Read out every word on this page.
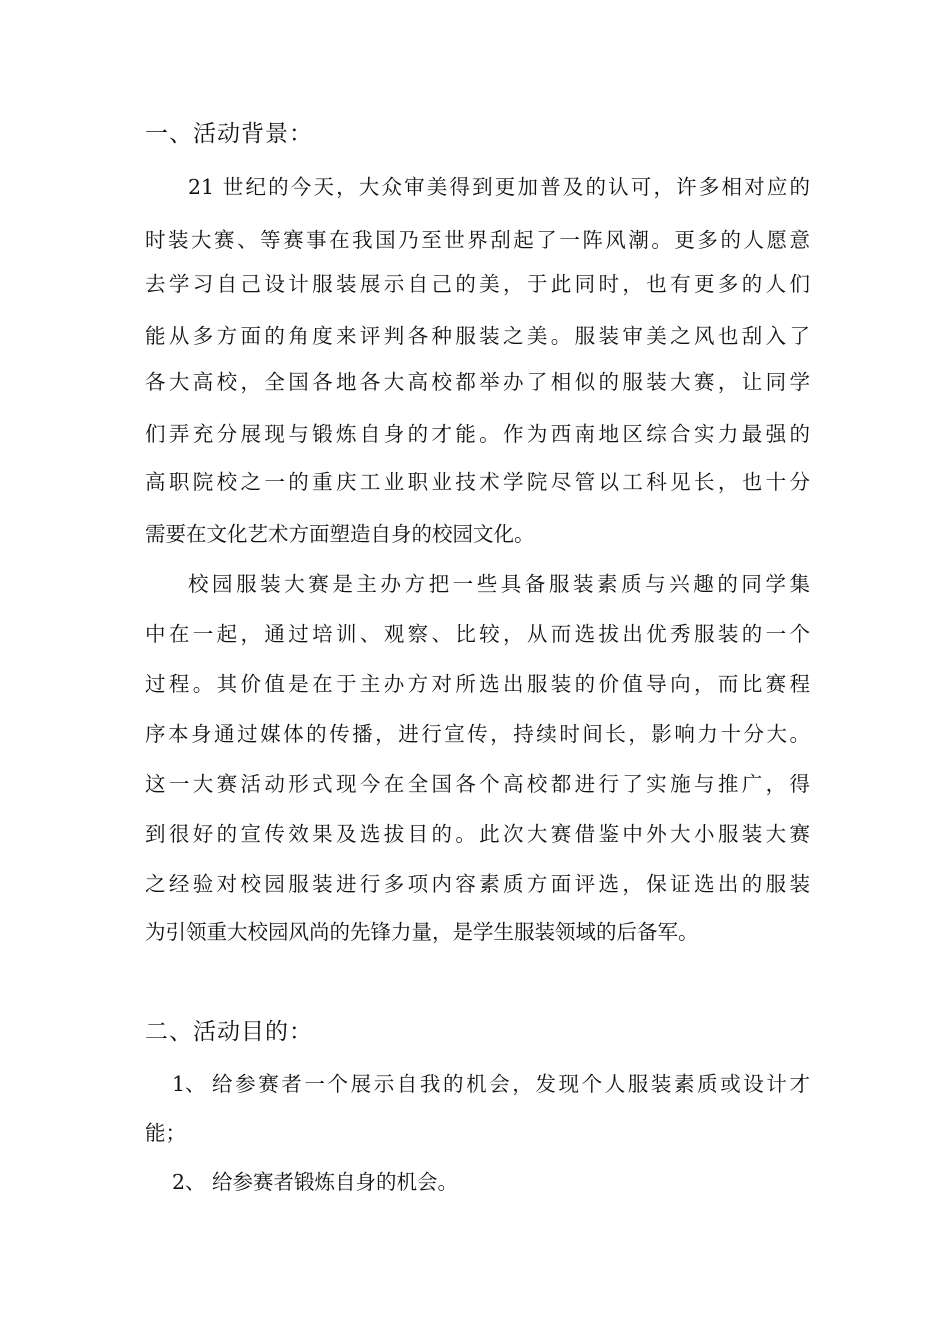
一、活动背景：

21 世纪的今天，大众审美得到更加普及的认可，许多相对应的

时装大赛、等赛事在我国乃至世界刮起了一阵风潮。更多的人愿意

去学习自己设计服装展示自己的美，于此同时，也有更多的人们

能从多方面的角度来评判各种服装之美。服装审美之风也刮入了

各大高校，全国各地各大高校都举办了相似的服装大赛，让同学

们弄充分展现与锻炼自身的才能。作为西南地区综合实力最强的

高职院校之一的重庆工业职业技术学院尽管以工科见长，也十分

需要在文化艺术方面塑造自身的校园文化。

校园服装大赛是主办方把一些具备服装素质与兴趣的同学集

中在一起，通过培训、观察、比较，从而选拔出优秀服装的一个

过程。其价值是在于主办方对所选出服装的价值导向，而比赛程

序本身通过媒体的传播，进行宣传，持续时间长，影响力十分大。

这一大赛活动形式现今在全国各个高校都进行了实施与推广，得

到很好的宣传效果及选拔目的。此次大赛借鉴中外大小服装大赛

之经验对校园服装进行多项内容素质方面评选，保证选出的服装

为引领重大校园风尚的先锋力量，是学生服装领域的后备军。

二、活动目的：
1、 给参赛者一个展示自我的机会，发现个人服装素质或设计才

能；

2、 给参赛者锻炼自身的机会。
